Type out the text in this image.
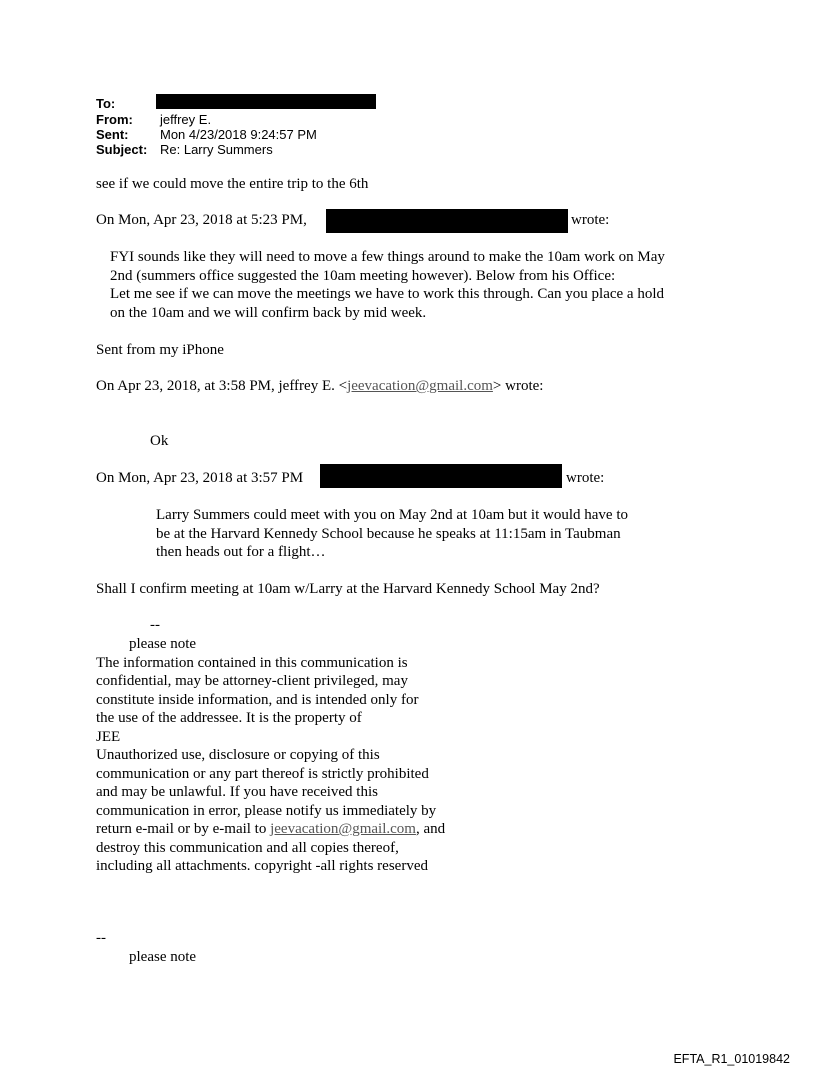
To:
From: jeffrey E.
Sent: Mon 4/23/2018 9:24:57 PM
Subject: Re: Larry Summers
see if we could move the entire trip to the 6th
On Mon, Apr 23, 2018 at 5:23 PM,	wrote:
FYI sounds like they will need to move a few things around to make the 10am work on May
2nd (summers office suggested the 10am meeting however). Below from his Office:
Let me see if we can move the meetings we have to work this through. Can you place a hold
on the 10am and we will confirm back by mid week.
Sent from my iPhone
On Apr 23, 2018, at 3:58 PM, jeffrey E. <jeevacation@gmail.com> wrote:
Ok
On Mon, Apr 23, 2018 at 3:57 PM	wrote:
Larry Summers could meet with you on May 2nd at 10am but it would have to
be at the Harvard Kennedy School because he speaks at 11:15am in Taubman
then heads out for a flight…
Shall I confirm meeting at 10am w/Larry at the Harvard Kennedy School May 2nd?
--
please note
The information contained in this communication is
confidential, may be attorney-client privileged, may
constitute inside information, and is intended only for
the use of the addressee. It is the property of
JEE
Unauthorized use, disclosure or copying of this
communication or any part thereof is strictly prohibited
and may be unlawful. If you have received this
communication in error, please notify us immediately by
return e-mail or by e-mail to jeevacation@gmail.com, and
destroy this communication and all copies thereof,
including all attachments. copyright -all rights reserved
--
please note
EFTA_R1_01019842
